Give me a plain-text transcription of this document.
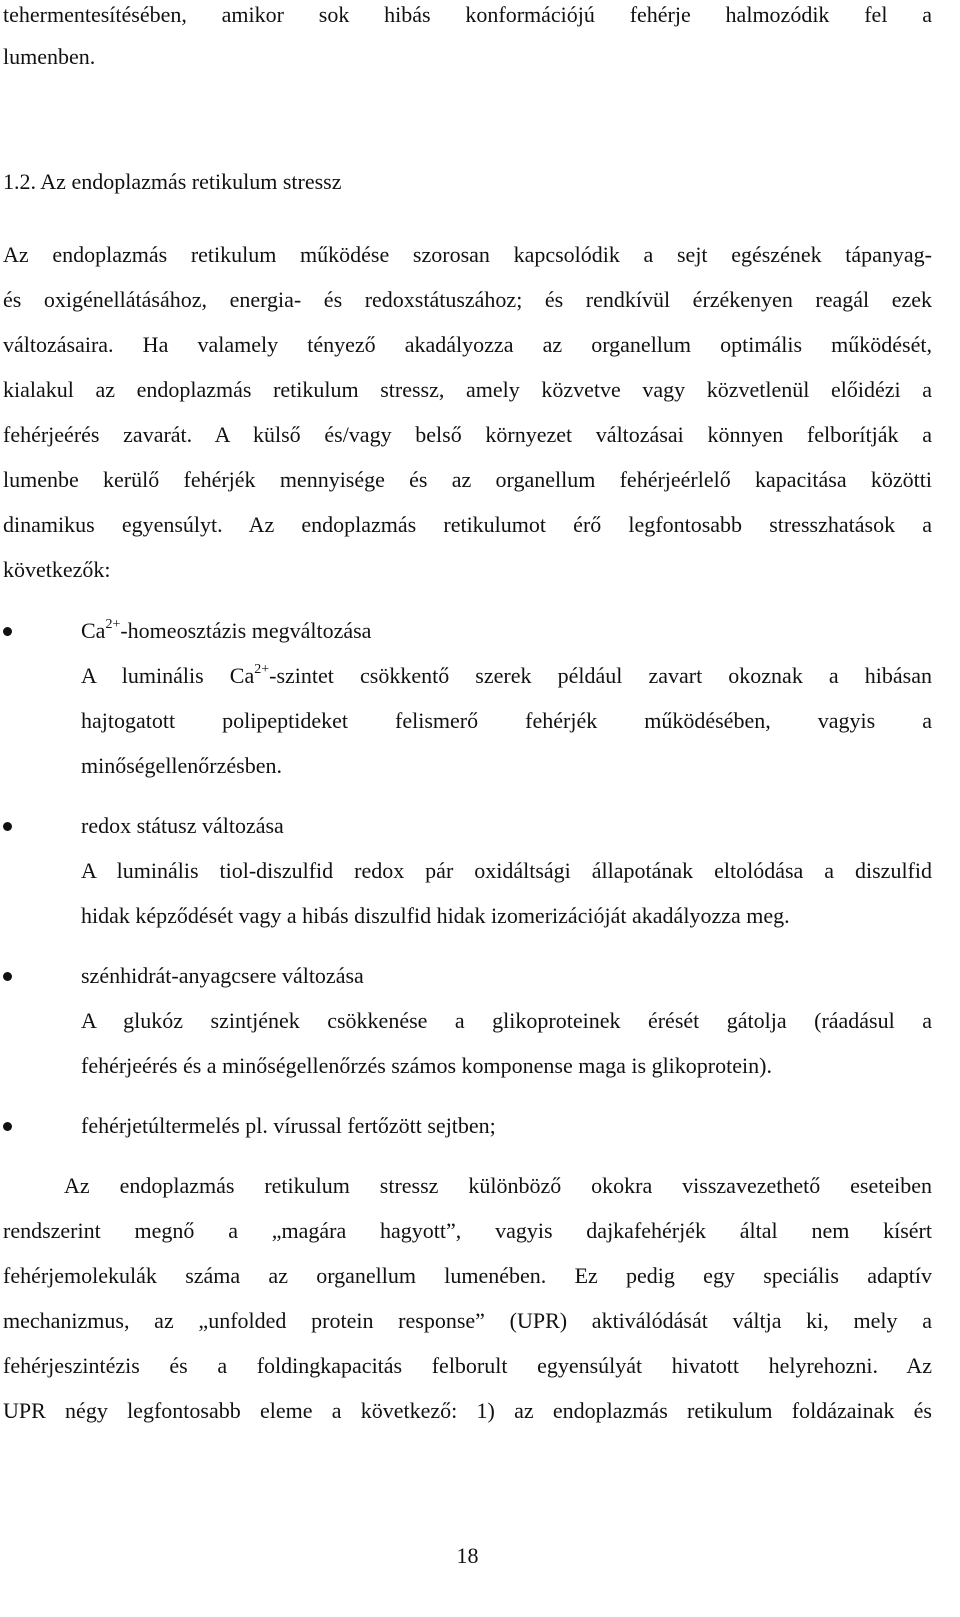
tehermentesítésében, amikor sok hibás konformációjú fehérje halmozódik fel a
lumenben.
1.2. Az endoplazmás retikulum stressz
Az endoplazmás retikulum működése szorosan kapcsolódik a sejt egészének tápanyag-
és oxigénellátásához, energia- és redoxstátuszához; és rendkívül érzékenyen reagál ezek
változásaira. Ha valamely tényező akadályozza az organellum optimális működését,
kialakul az endoplazmás retikulum stressz, amely közvetve vagy közvetlenül előidézi a
fehérjeérés zavarát. A külső és/vagy belső környezet változásai könnyen felborítják a
lumenbe kerülő fehérjék mennyisége és az organellum fehérjeérlelő kapacitása közötti
dinamikus egyensúlyt. Az endoplazmás retikulumot érő legfontosabb stresszhatások a
következők:
$Ca^{2+}$-homeosztázis megváltozása
A luminális $Ca^{2+}$-szintet csökkentő szerek például zavart okoznak a hibásan
hajtogatott polipeptideket felismerő fehérjék működésében, vagyis a
minőségellenőrzésben.
redox státusz változása
A luminális tiol-diszulfid redox pár oxidáltsági állapotának eltolódása a diszulfid
hidak képződését vagy a hibás diszulfid hidak izomerizációját akadályozza meg.
szénhidrát-anyagcsere változása
A glukóz szintjének csökkenése a glikoproteinek érését gátolja (ráadásul a
fehérjeérés és a minőségellenőrzés számos komponense maga is glikoprotein).
fehérjetúltermelés pl. vírussal fertőzött sejtben;
Az endoplazmás retikulum stressz különböző okokra visszavezethető eseteiben
rendszerint megnő a „magára hagyott”, vagyis dajkafehérjék által nem kísért
fehérjemolekulák száma az organellum lumenében. Ez pedig egy speciális adaptív
mechanizmus, az „unfolded protein response” (UPR) aktiválódását váltja ki, mely a
fehérjeszintézis és a foldingkapacitás felborult egyensúlyát hivatott helyrehozni. Az
UPR négy legfontosabb eleme a következő: 1) az endoplazmás retikulum foldázainak és
18
